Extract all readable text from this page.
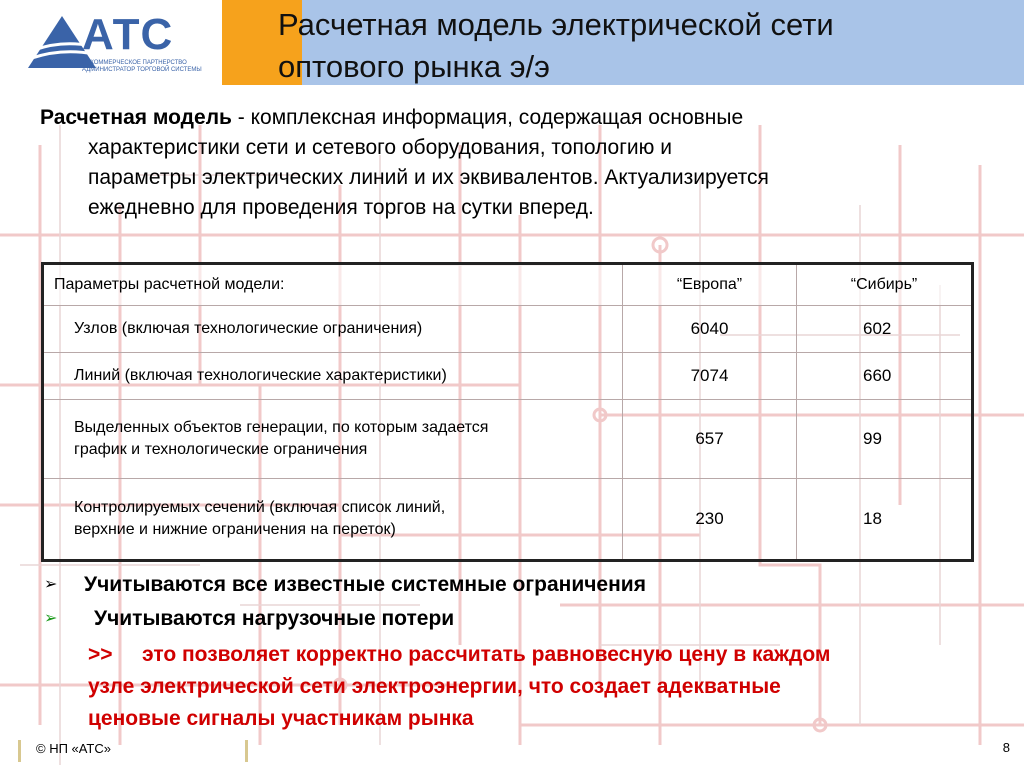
АТС
НЕКОММЕРЧЕСКОЕ ПАРТНЕРСТВО
АДМИНИСТРАТОР ТОРГОВОЙ СИСТЕМЫ
Расчетная модель электрической сети
оптового рынка э/э
Расчетная модель - комплексная информация, содержащая основные
характеристики сети и сетевого оборудования, топологию и
параметры электрических линий и их эквивалентов. Актуализируется
ежедневно для проведения торгов на сутки вперед.
Параметры расчетной модели:	“Европа”	“Сибирь”
Узлов (включая технологические ограничения)	6040	602
Линий (включая технологические характеристики)	7074	660

Выделенных объектов генерации, по которым задается
график и технологические ограничения	657	99

Контролируемых сечений (включая список линий,
верхние и нижние ограничения на переток)	230	18
➢	Учитываются все известные системные ограничения
➢	Учитываются нагрузочные потери
>> это позволяет корректно рассчитать равновесную цену в каждом
узле электрической сети электроэнергии, что создает адекватные
ценовые сигналы участникам рынка
© НП «АТС»	8
